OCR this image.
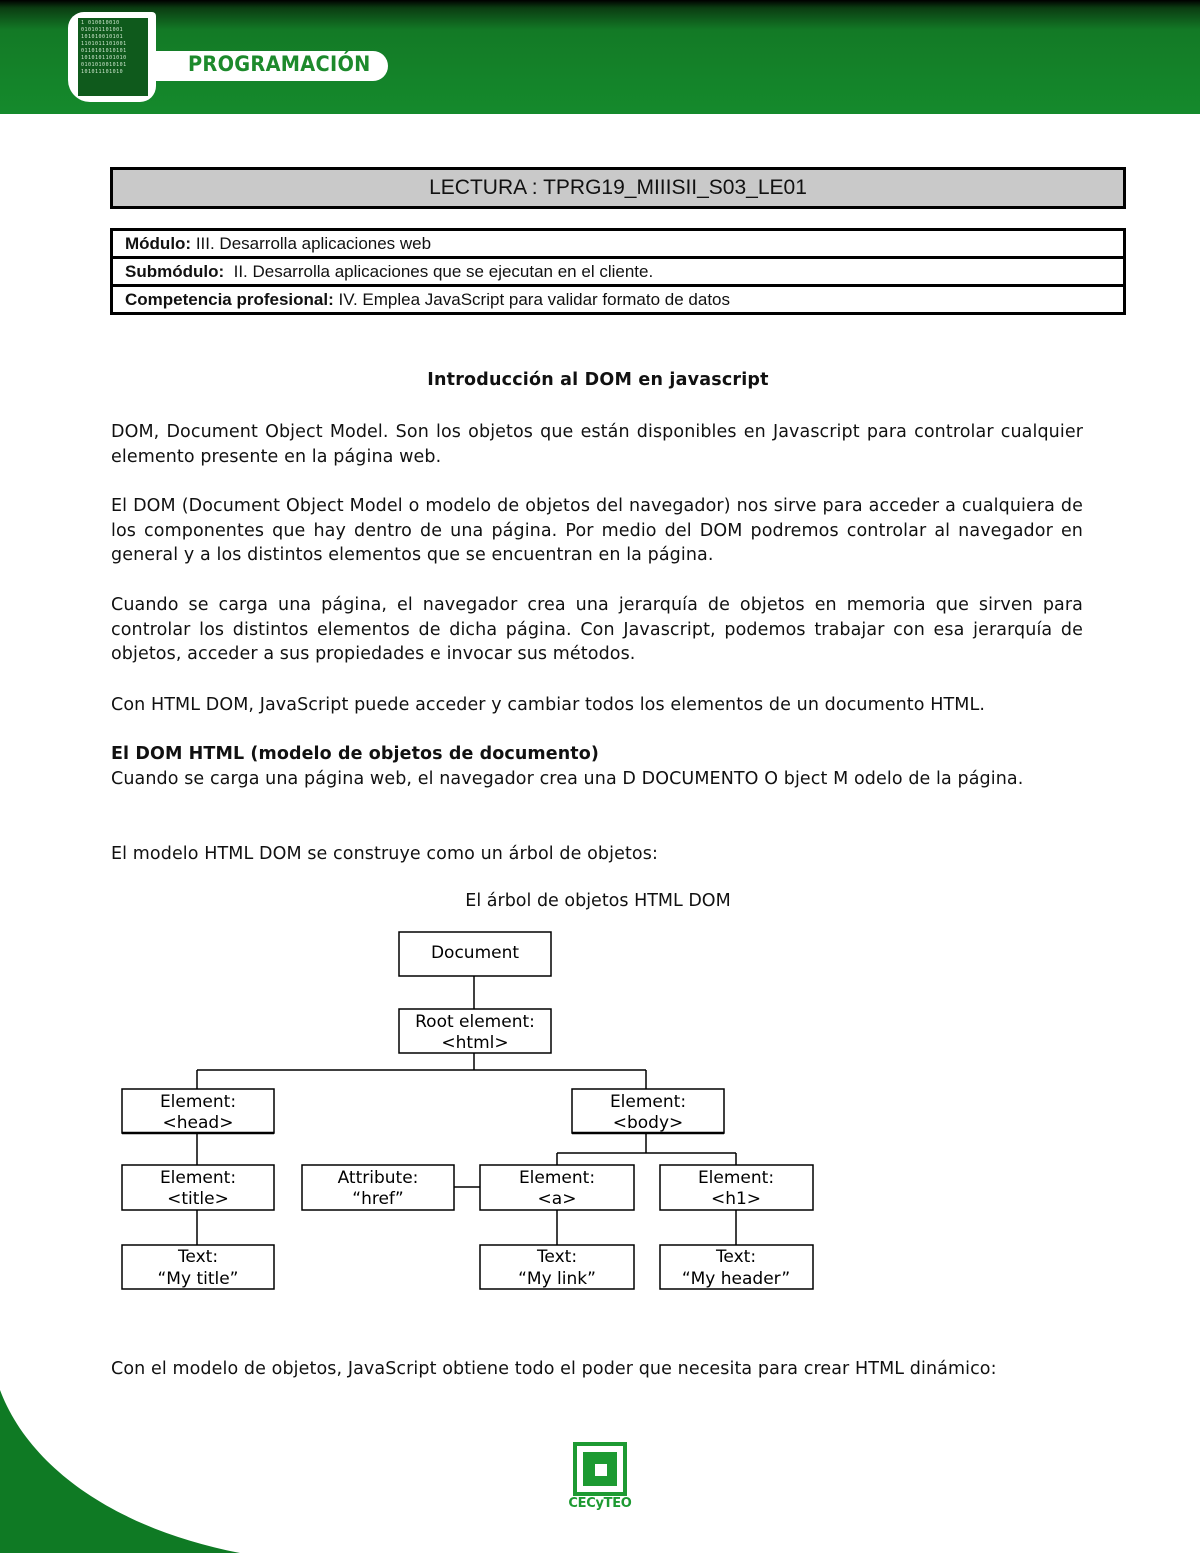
1 010010010
010101101001
101010010101
1101011101001
0110101010101
1010101101010
0101010010101
101011101010	PROGRAMACIÓN
LECTURA : TPRG19_MIIISII_S03_LE01
Módulo: III. Desarrolla aplicaciones web
Submódulo:  II. Desarrolla aplicaciones que se ejecutan en el cliente.
Competencia profesional: IV. Emplea JavaScript para validar formato de datos
Introducción al DOM en javascript
DOM, Document Object Model. Son los objetos que están disponibles en Javascript para controlar cualquier elemento presente en la página web.
El DOM (Document Object Model o modelo de objetos del navegador) nos sirve para acceder a cualquiera de los componentes que hay dentro de una página. Por medio del DOM podremos controlar al navegador en general y a los distintos elementos que se encuentran en la página.
Cuando se carga una página, el navegador crea una jerarquía de objetos en memoria que sirven para controlar los distintos elementos de dicha página. Con Javascript, podemos trabajar con esa jerarquía de objetos, acceder a sus propiedades e invocar sus métodos.
Con HTML DOM, JavaScript puede acceder y cambiar todos los elementos de un documento HTML.
El DOM HTML (modelo de objetos de documento)
Cuando se carga una página web, el navegador crea una D DOCUMENTO O bject M odelo de la página.
El modelo HTML DOM se construye como un árbol de objetos:
El árbol de objetos HTML DOM
Document
Root element:
<html>
Element:
<head>
Element:
<body>
Element:
<title>
Attribute:
“href”
Element:
<a>
Element:
<h1>
Text:
“My title”
Text:
“My link”
Text:
“My header”
Con el modelo de objetos, JavaScript obtiene todo el poder que necesita para crear HTML dinámico:
CECyTEO
